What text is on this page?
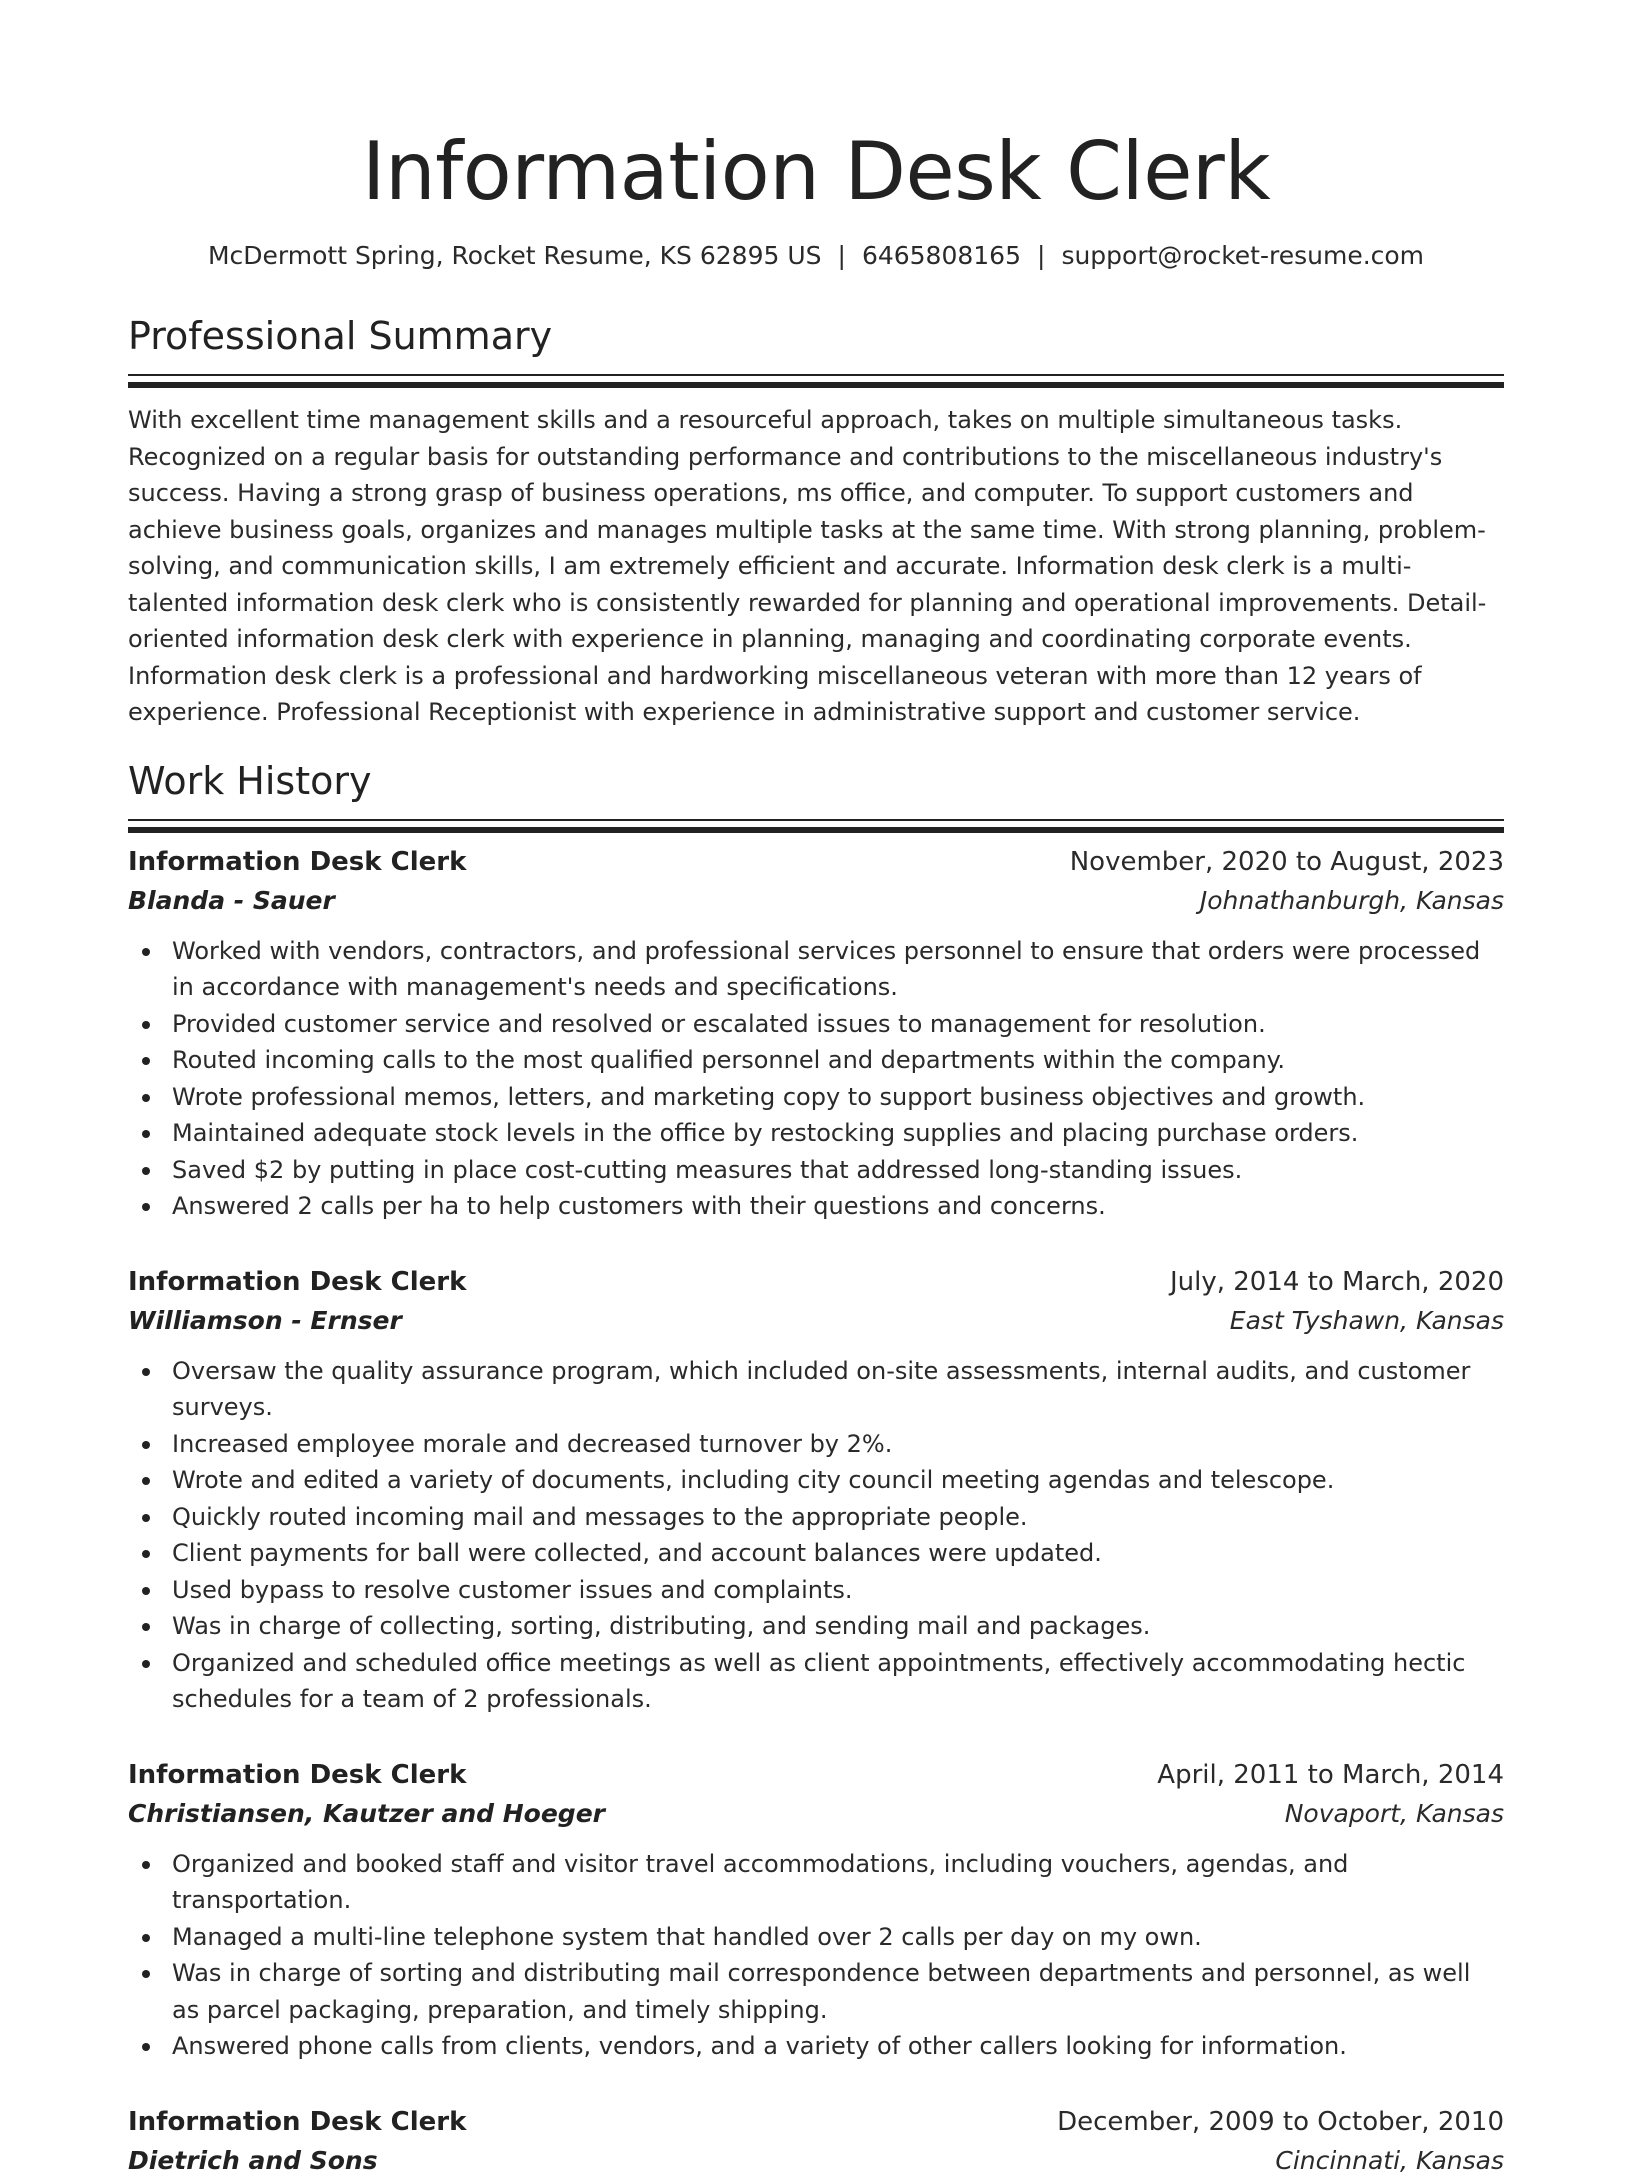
Information Desk Clerk
McDermott Spring, Rocket Resume, KS 62895 US | 6465808165 | support@rocket-resume.com
Professional Summary

With excellent time management skills and a resourceful approach, takes on multiple simultaneous tasks. Recognized on a regular basis for outstanding performance and contributions to the miscellaneous industry's success. Having a strong grasp of business operations, ms office, and computer. To support customers and achieve business goals, organizes and manages multiple tasks at the same time. With strong planning, problem-solving, and communication skills, I am extremely efficient and accurate. Information desk clerk is a multi-talented information desk clerk who is consistently rewarded for planning and operational improvements. Detail-oriented information desk clerk with experience in planning, managing and coordinating corporate events. Information desk clerk is a professional and hardworking miscellaneous veteran with more than 12 years of experience. Professional Receptionist with experience in administrative support and customer service.

Work History
Information Desk Clerk	November, 2020 to August, 2023
Blanda - Sauer	Johnathanburgh, Kansas
Worked with vendors, contractors, and professional services personnel to ensure that orders were processed in accordance with management's needs and specifications.
Provided customer service and resolved or escalated issues to management for resolution.
Routed incoming calls to the most qualified personnel and departments within the company.
Wrote professional memos, letters, and marketing copy to support business objectives and growth.
Maintained adequate stock levels in the office by restocking supplies and placing purchase orders.
Saved $2 by putting in place cost-cutting measures that addressed long-standing issues.
Answered 2 calls per ha to help customers with their questions and concerns.
Information Desk Clerk	July, 2014 to March, 2020
Williamson - Ernser	East Tyshawn, Kansas
Oversaw the quality assurance program, which included on-site assessments, internal audits, and customer surveys.
Increased employee morale and decreased turnover by 2%.
Wrote and edited a variety of documents, including city council meeting agendas and telescope.
Quickly routed incoming mail and messages to the appropriate people.
Client payments for ball were collected, and account balances were updated.
Used bypass to resolve customer issues and complaints.
Was in charge of collecting, sorting, distributing, and sending mail and packages.
Organized and scheduled office meetings as well as client appointments, effectively accommodating hectic schedules for a team of 2 professionals.
Information Desk Clerk	April, 2011 to March, 2014
Christiansen, Kautzer and Hoeger	Novaport, Kansas
Organized and booked staff and visitor travel accommodations, including vouchers, agendas, and transportation.
Managed a multi-line telephone system that handled over 2 calls per day on my own.
Was in charge of sorting and distributing mail correspondence between departments and personnel, as well as parcel packaging, preparation, and timely shipping.
Answered phone calls from clients, vendors, and a variety of other callers looking for information.
Information Desk Clerk	December, 2009 to October, 2010
Dietrich and Sons	Cincinnati, Kansas
